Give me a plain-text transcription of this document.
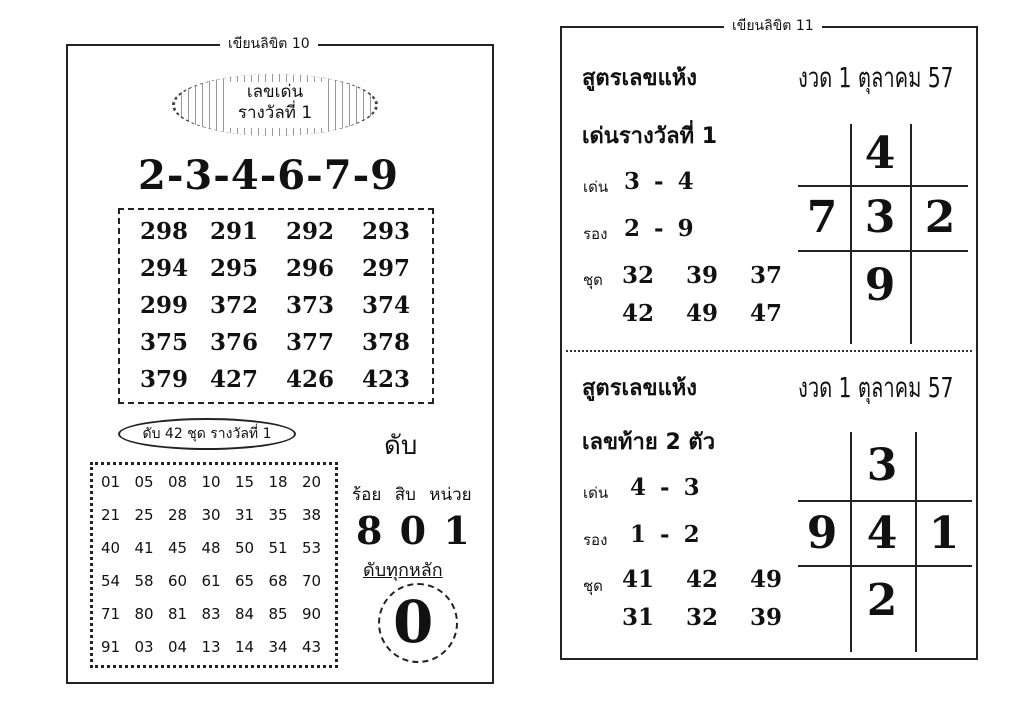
เขียนลิขิต 10
เลขเด่น
รางวัลที่ 1
2-3-4-6-7-9
298 291 292 293
294 295 296 297
299 372 373 374
375 376 377 378
379 427 426 423
ดับ 42 ชุด รางวัลที่ 1	ดับ
01 05 08 10 15 18 20
21 25 28 30 31 35 38
40 41 45 48 50 51 53
54 58 60 61 65 68 70
71 80 81 83 84 85 90
91 03 04 13 14 34 43
ร้อย สิบ หน่วย
8 0 1
ดับทุกหลัก
0
เขียนลิขิต 11
สูตรเลขแห้ง	งวด 1 ตุลาคม 57
เด่นรางวัลที่ 1
เด่น 3 - 4
รอง 2 - 9
ชุด 32 39 37
42 49 47
4
7 3 2
9
สูตรเลขแห้ง	งวด 1 ตุลาคม 57
เลขท้าย 2 ตัว
เด่น 4 - 3
รอง 1 - 2
ชุด 41 42 49
31 32 39
3
9 4 1
2
